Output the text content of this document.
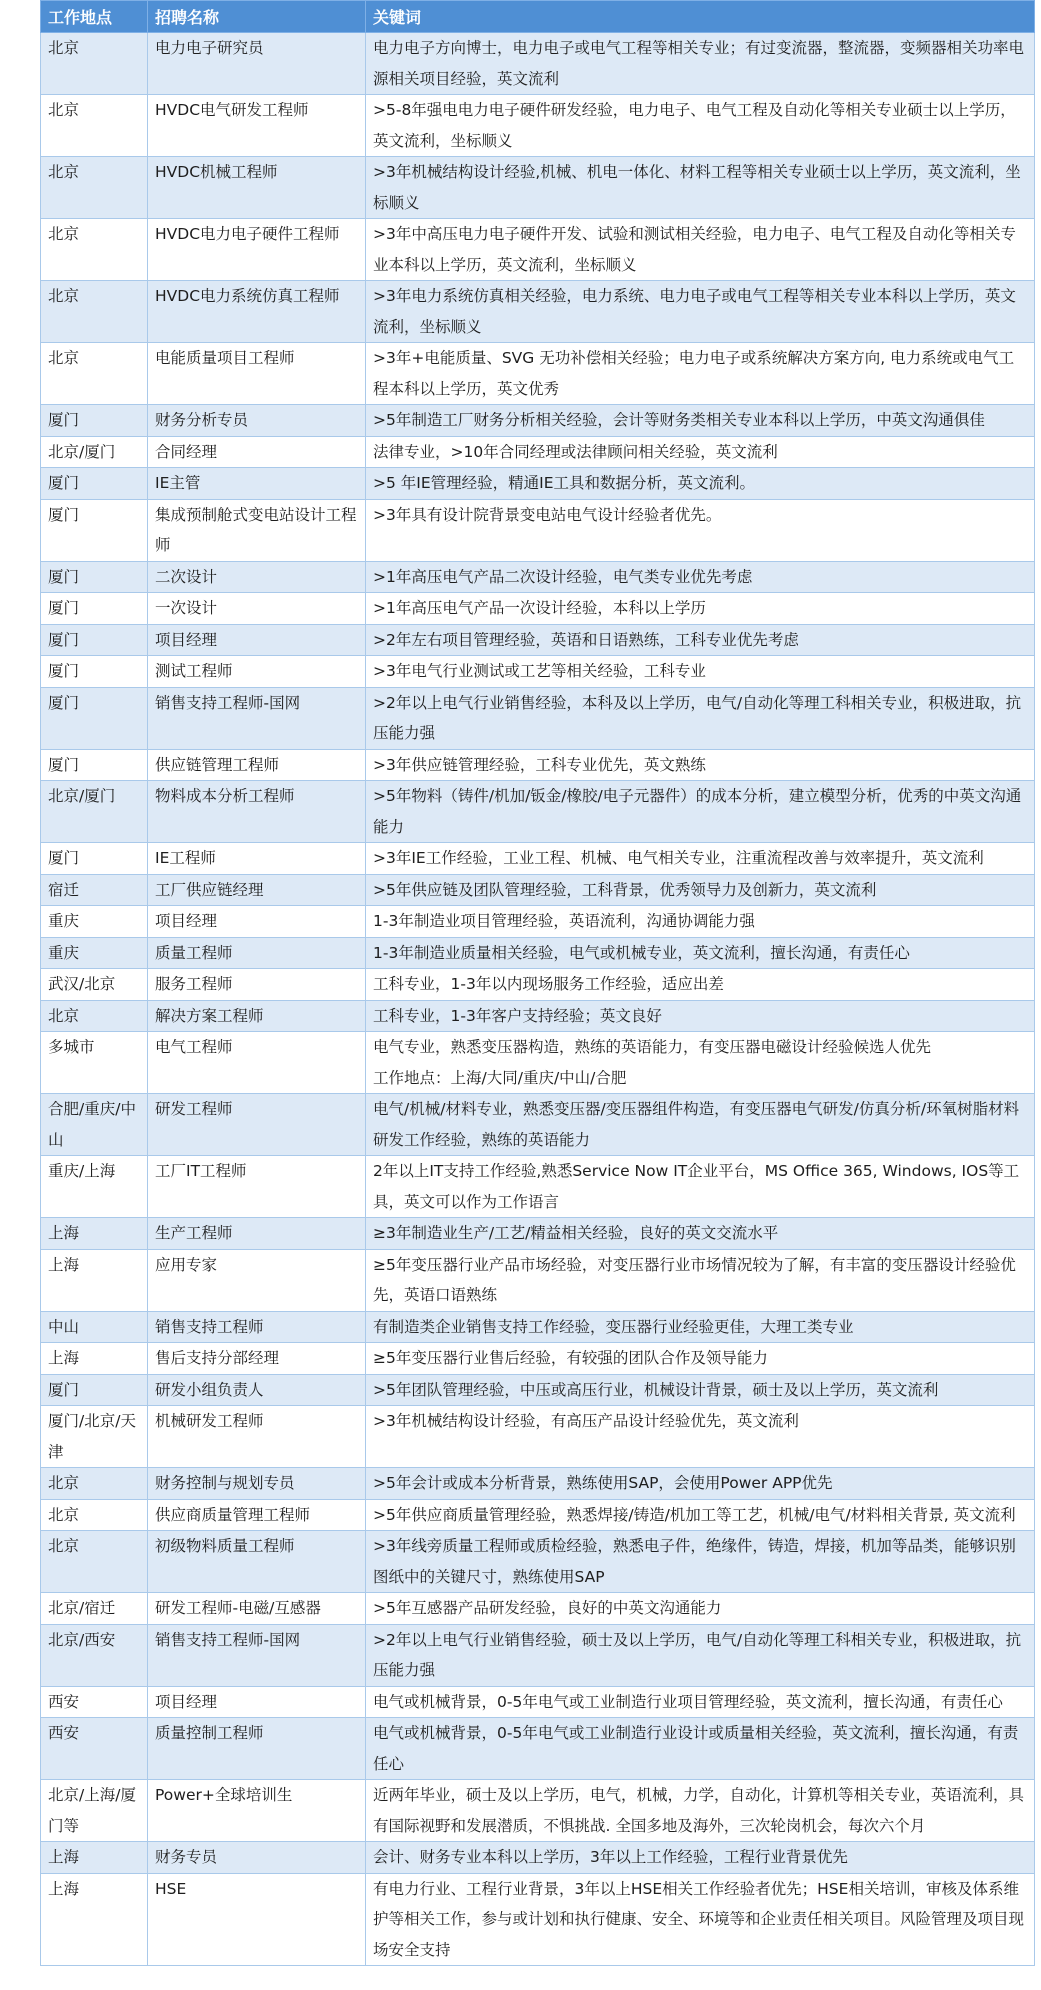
工作地点	招聘名称	关键词
北京	电力电子研究员	电力电子方向博士，电力电子或电气工程等相关专业；有过变流器，整流器，变频器相关功率电源相关项目经验，英文流利
北京	HVDC电气研发工程师	>5-8年强电电力电子硬件研发经验，电力电子、电气工程及自动化等相关专业硕士以上学历，英文流利，坐标顺义
北京	HVDC机械工程师	>3年机械结构设计经验,机械、机电一体化、材料工程等相关专业硕士以上学历，英文流利，坐标顺义
北京	HVDC电力电子硬件工程师	>3年中高压电力电子硬件开发、试验和测试相关经验，电力电子、电气工程及自动化等相关专业本科以上学历，英文流利，坐标顺义
北京	HVDC电力系统仿真工程师	>3年电力系统仿真相关经验，电力系统、电力电子或电气工程等相关专业本科以上学历，英文流利，坐标顺义
北京	电能质量项目工程师	>3年+电能质量、SVG 无功补偿相关经验；电力电子或系统解决方案方向, 电力系统或电气工程本科以上学历，英文优秀
厦门	财务分析专员	>5年制造工厂财务分析相关经验，会计等财务类相关专业本科以上学历，中英文沟通俱佳
北京/厦门	合同经理	法律专业，>10年合同经理或法律顾问相关经验，英文流利
厦门	IE主管	>5 年IE管理经验，精通IE工具和数据分析，英文流利。
厦门	集成预制舱式变电站设计工程师	>3年具有设计院背景变电站电气设计经验者优先。
厦门	二次设计	>1年高压电气产品二次设计经验，电气类专业优先考虑
厦门	一次设计	>1年高压电气产品一次设计经验，本科以上学历
厦门	项目经理	>2年左右项目管理经验，英语和日语熟练，工科专业优先考虑
厦门	测试工程师	>3年电气行业测试或工艺等相关经验，工科专业
厦门	销售支持工程师-国网	>2年以上电气行业销售经验，本科及以上学历，电气/自动化等理工科相关专业，积极进取，抗压能力强
厦门	供应链管理工程师	>3年供应链管理经验，工科专业优先，英文熟练
北京/厦门	物料成本分析工程师	>5年物料（铸件/机加/钣金/橡胶/电子元器件）的成本分析，建立模型分析，优秀的中英文沟通能力
厦门	IE工程师	>3年IE工作经验，工业工程、机械、电气相关专业，注重流程改善与效率提升，英文流利
宿迁	工厂供应链经理	>5年供应链及团队管理经验，工科背景，优秀领导力及创新力，英文流利
重庆	项目经理	1-3年制造业项目管理经验，英语流利，沟通协调能力强
重庆	质量工程师	1-3年制造业质量相关经验，电气或机械专业，英文流利，擅长沟通，有责任心
武汉/北京	服务工程师	工科专业，1-3年以内现场服务工作经验，适应出差
北京	解决方案工程师	工科专业，1-3年客户支持经验；英文良好
多城市	电气工程师	电气专业，熟悉变压器构造，熟练的英语能力，有变压器电磁设计经验候选人优先
工作地点：上海/大同/重庆/中山/合肥
合肥/重庆/中山	研发工程师	电气/机械/材料专业，熟悉变压器/变压器组件构造，有变压器电气研发/仿真分析/环氧树脂材料研发工作经验，熟练的英语能力
重庆/上海	工厂IT工程师	2年以上IT支持工作经验,熟悉Service Now IT企业平台，MS Office 365, Windows, IOS等工具，英文可以作为工作语言
上海	生产工程师	≥3年制造业生产/工艺/精益相关经验，良好的英文交流水平
上海	应用专家	≥5年变压器行业产品市场经验，对变压器行业市场情况较为了解，有丰富的变压器设计经验优先，英语口语熟练
中山	销售支持工程师	有制造类企业销售支持工作经验，变压器行业经验更佳，大理工类专业
上海	售后支持分部经理	≥5年变压器行业售后经验，有较强的团队合作及领导能力
厦门	研发小组负责人	>5年团队管理经验，中压或高压行业，机械设计背景，硕士及以上学历，英文流利
厦门/北京/天津	机械研发工程师	>3年机械结构设计经验，有高压产品设计经验优先，英文流利
北京	财务控制与规划专员	>5年会计或成本分析背景，熟练使用SAP，会使用Power APP优先
北京	供应商质量管理工程师	>5年供应商质量管理经验，熟悉焊接/铸造/机加工等工艺，机械/电气/材料相关背景, 英文流利
北京	初级物料质量工程师	>3年线旁质量工程师或质检经验，熟悉电子件，绝缘件，铸造，焊接，机加等品类，能够识别图纸中的关键尺寸，熟练使用SAP
北京/宿迁	研发工程师-电磁/互感器	>5年互感器产品研发经验，良好的中英文沟通能力
北京/西安	销售支持工程师-国网	>2年以上电气行业销售经验，硕士及以上学历，电气/自动化等理工科相关专业，积极进取，抗压能力强
西安	项目经理	电气或机械背景，0-5年电气或工业制造行业项目管理经验，英文流利，擅长沟通，有责任心
西安	质量控制工程师	电气或机械背景，0-5年电气或工业制造行业设计或质量相关经验，英文流利，擅长沟通，有责任心
北京/上海/厦门等	Power+全球培训生	近两年毕业，硕士及以上学历，电气，机械，力学，自动化，计算机等相关专业，英语流利，具有国际视野和发展潜质，不惧挑战. 全国多地及海外，三次轮岗机会，每次六个月
上海	财务专员	会计、财务专业本科以上学历，3年以上工作经验，工程行业背景优先
上海	HSE	有电力行业、工程行业背景，3年以上HSE相关工作经验者优先；HSE相关培训，审核及体系维护等相关工作，参与或计划和执行健康、安全、环境等和企业责任相关项目。风险管理及项目现场安全支持
